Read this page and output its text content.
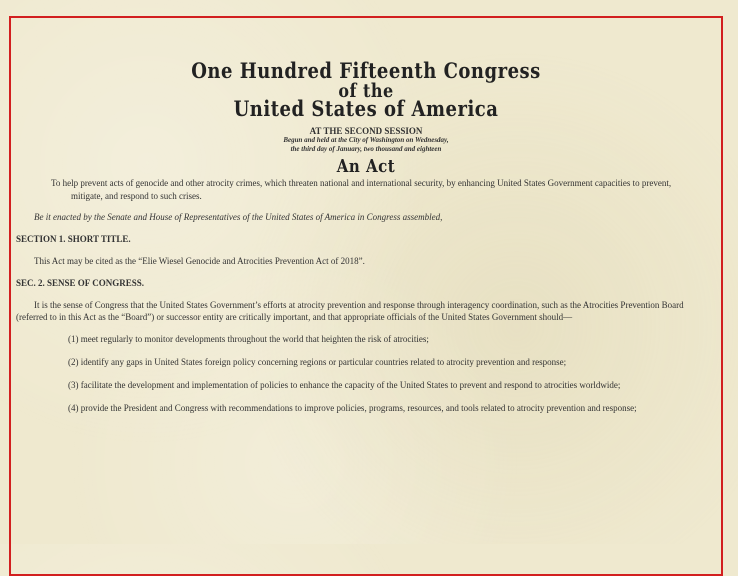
One Hundred Fifteenth Congress
of the
United States of America
AT THE SECOND SESSION
Begun and held at the City of Washington on Wednesday,
the third day of January, two thousand and eighteen
An Act

To help prevent acts of genocide and other atrocity crimes, which threaten national and international security, by enhancing United States Government capacities to prevent, mitigate, and respond to such crises.

Be it enacted by the Senate and House of Representatives of the United States of America in Congress assembled,

SECTION 1. SHORT TITLE.

This Act may be cited as the “Elie Wiesel Genocide and Atrocities Prevention Act of 2018”.

SEC. 2. SENSE OF CONGRESS.

It is the sense of Congress that the United States Government’s efforts at atrocity prevention and response through interagency coordination, such as the Atrocities Prevention Board (referred to in this Act as the “Board”) or successor entity are critically important, and that appropriate officials of the United States Government should—

(1) meet regularly to monitor developments throughout the world that heighten the risk of atrocities;

(2) identify any gaps in United States foreign policy concerning regions or particular countries related to atrocity prevention and response;

(3) facilitate the development and implementation of policies to enhance the capacity of the United States to prevent and respond to atrocities worldwide;

(4) provide the President and Congress with recommendations to improve policies, programs, resources, and tools related to atrocity prevention and response;
